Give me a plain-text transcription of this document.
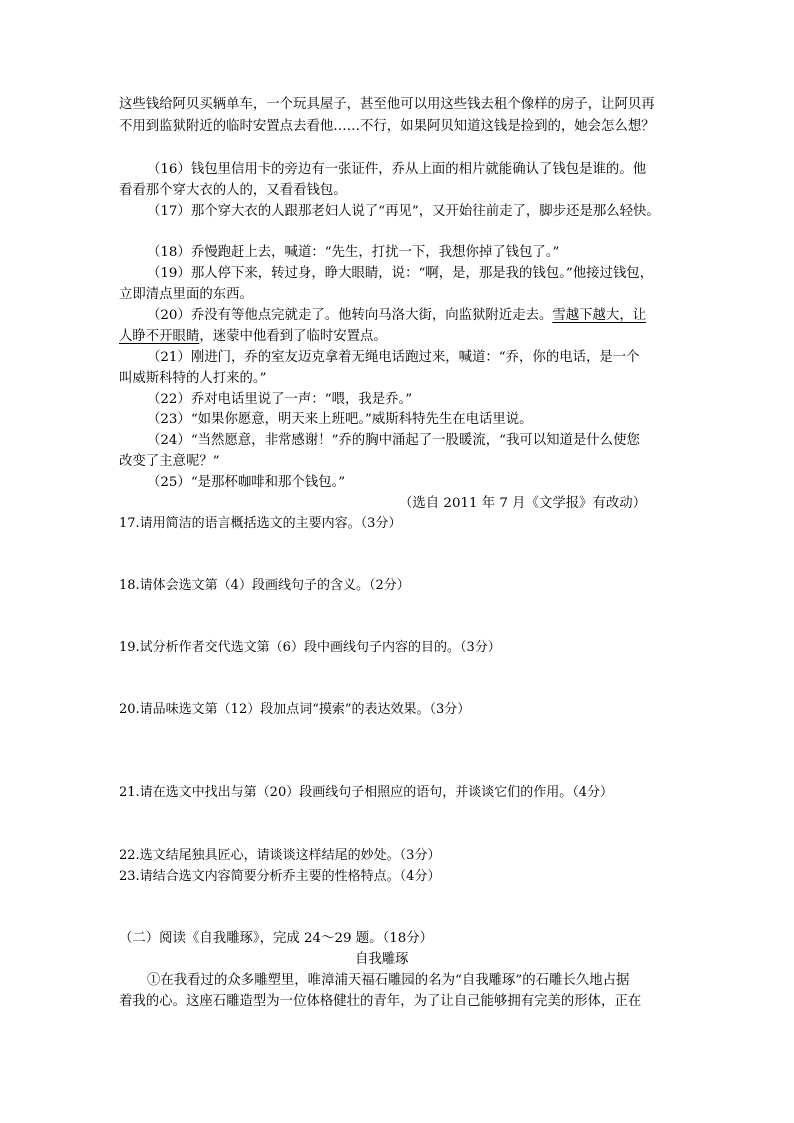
这些钱给阿贝买辆单车，一个玩具屋子，甚至他可以用这些钱去租个像样的房子，让阿贝再
不用到监狱附近的临时安置点去看他……不行，如果阿贝知道这钱是捡到的，她会怎么想？
（16）钱包里信用卡的旁边有一张证件，乔从上面的相片就能确认了钱包是谁的。他
看看那个穿大衣的人的，又看看钱包。
（17）那个穿大衣的人跟那老妇人说了“再见”，又开始往前走了，脚步还是那么轻快。
（18）乔慢跑赶上去，喊道：“先生，打扰一下，我想你掉了钱包了。”
（19）那人停下来，转过身，睁大眼睛，说：“啊，是，那是我的钱包。”他接过钱包，
立即清点里面的东西。
（20）乔没有等他点完就走了。他转向马洛大街，向监狱附近走去。雪越下越大，让
人睁不开眼睛，迷蒙中他看到了临时安置点。
（21）刚进门，乔的室友迈克拿着无绳电话跑过来，喊道：“乔，你的电话，是一个
叫威斯科特的人打来的。”
（22）乔对电话里说了一声：“喂，我是乔。”
（23）“如果你愿意，明天来上班吧。”威斯科特先生在电话里说。
（24）“当然愿意，非常感谢！”乔的胸中涌起了一股暖流，“我可以知道是什么使您
改变了主意呢？”
（25）“是那杯咖啡和那个钱包。”
（选自 2011 年 7 月《文学报》有改动）
17.请用简洁的语言概括选文的主要内容。（3分）
18.请体会选文第（4）段画线句子的含义。（2分）
19.试分析作者交代选文第（6）段中画线句子内容的目的。（3分）
20.请品味选文第（12）段加点词“摸索”的表达效果。（3分）
21.请在选文中找出与第（20）段画线句子相照应的语句，并谈谈它们的作用。（4分）
22.选文结尾独具匠心，请谈谈这样结尾的妙处。（3分）
23.请结合选文内容简要分析乔主要的性格特点。（4分）
（二）阅读《自我雕琢》，完成 24～29 题。（18分）
自我雕琢
①在我看过的众多雕塑里，唯漳浦天福石雕园的名为“自我雕琢”的石雕长久地占据
着我的心。这座石雕造型为一位体格健壮的青年，为了让自己能够拥有完美的形体，正在
